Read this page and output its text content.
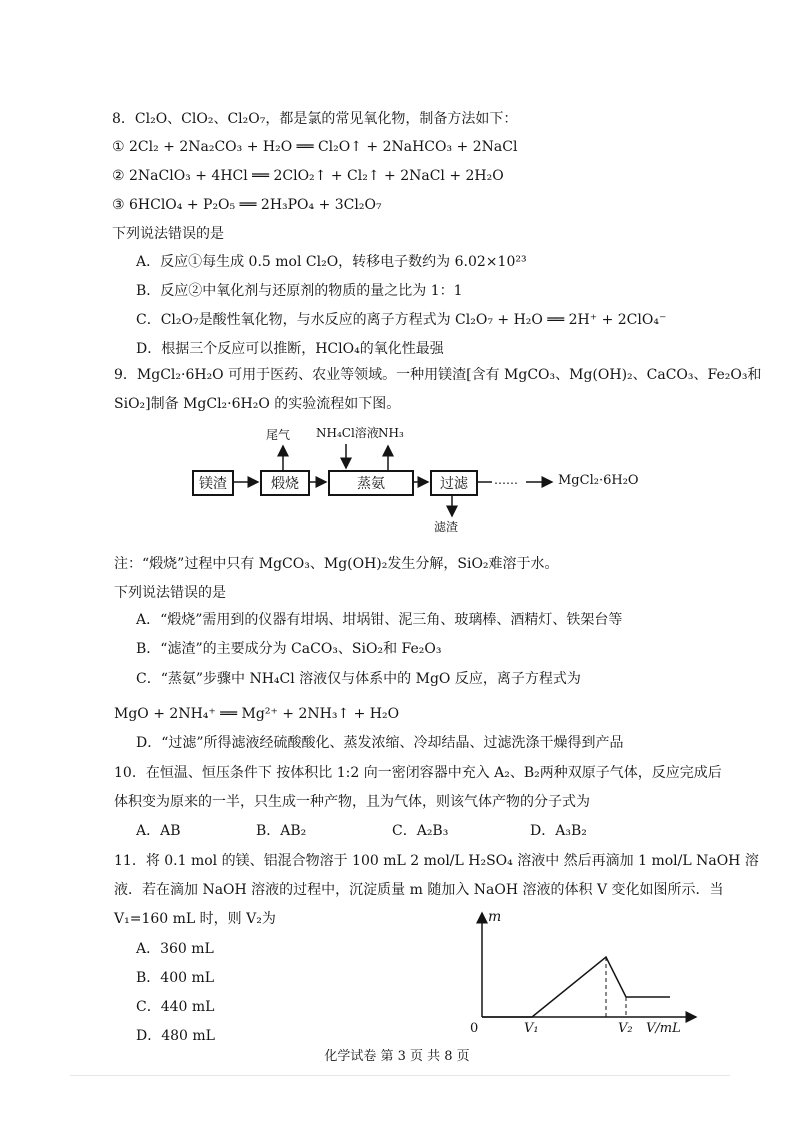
8．Cl₂O、ClO₂、Cl₂O₇，都是氯的常见氧化物，制备方法如下：
① 2Cl₂ + 2Na₂CO₃ + H₂O ══ Cl₂O↑ + 2NaHCO₃ + 2NaCl
② 2NaClO₃ + 4HCl ══ 2ClO₂↑ + Cl₂↑ + 2NaCl + 2H₂O
③ 6HClO₄ + P₂O₅ ══ 2H₃PO₄ + 3Cl₂O₇
下列说法错误的是
A．反应①每生成 0.5 mol Cl₂O，转移电子数约为 6.02×10²³
B．反应②中氧化剂与还原剂的物质的量之比为 1：1
C．Cl₂O₇是酸性氧化物，与水反应的离子方程式为 Cl₂O₇ + H₂O ══ 2H⁺ + 2ClO₄⁻
D．根据三个反应可以推断，HClO₄的氧化性最强
9．MgCl₂·6H₂O 可用于医药、农业等领域。一种用镁渣[含有 MgCO₃、Mg(OH)₂、CaCO₃、Fe₂O₃和
SiO₂]制备 MgCl₂·6H₂O 的实验流程如下图。
镁渣	煅烧	蒸氨	过滤
尾气 NH₄Cl溶液 NH₃
滤渣
……	MgCl₂·6H₂O
注：“煅烧”过程中只有 MgCO₃、Mg(OH)₂发生分解，SiO₂难溶于水。
下列说法错误的是
A．“煅烧”需用到的仪器有坩埚、坩埚钳、泥三角、玻璃棒、酒精灯、铁架台等
B．“滤渣”的主要成分为 CaCO₃、SiO₂和 Fe₂O₃
C．“蒸氨”步骤中 NH₄Cl 溶液仅与体系中的 MgO 反应，离子方程式为
MgO + 2NH₄⁺ ══ Mg²⁺ + 2NH₃↑ + H₂O
D．“过滤”所得滤液经硫酸酸化、蒸发浓缩、冷却结晶、过滤洗涤干燥得到产品
10．在恒温、恒压条件下 按体积比 1:2 向一密闭容器中充入 A₂、B₂两种双原子气体，反应完成后
体积变为原来的一半，只生成一种产物，且为气体，则该气体产物的分子式为
A．AB	B．AB₂	C．A₂B₃	D．A₃B₂
11．将 0.1 mol 的镁、铝混合物溶于 100 mL 2 mol/L H₂SO₄ 溶液中 然后再滴加 1 mol/L NaOH 溶
液．若在滴加 NaOH 溶液的过程中，沉淀质量 m 随加入 NaOH 溶液的体积 V 变化如图所示．当
V₁=160 mL 时，则 V₂为
A．360 mL
B．400 mL
C．440 mL
D．480 mL
m
0	V₁	V₂ V/mL
化学试卷 第 3 页 共 8 页
